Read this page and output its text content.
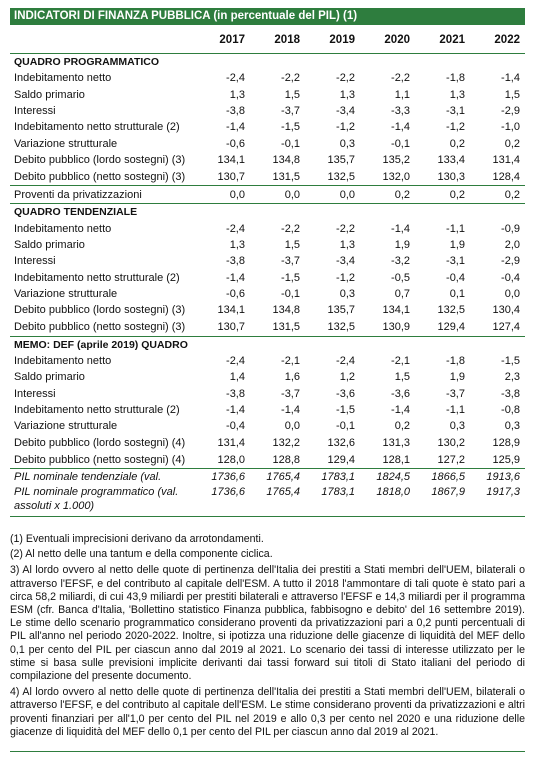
INDICATORI DI FINANZA PUBBLICA (in percentuale del PIL) (1)
	2017	2018	2019	2020	2021	2022
QUADRO PROGRAMMATICO						
Indebitamento netto	-2,4	-2,2	-2,2	-2,2	-1,8	-1,4
Saldo primario	1,3	1,5	1,3	1,1	1,3	1,5
Interessi	-3,8	-3,7	-3,4	-3,3	-3,1	-2,9
Indebitamento netto strutturale (2)	-1,4	-1,5	-1,2	-1,4	-1,2	-1,0
Variazione strutturale	-0,6	-0,1	0,3	-0,1	0,2	0,2
Debito pubblico (lordo sostegni) (3)	134,1	134,8	135,7	135,2	133,4	131,4
Debito pubblico (netto sostegni) (3)	130,7	131,5	132,5	132,0	130,3	128,4
Proventi da privatizzazioni	0,0	0,0	0,0	0,2	0,2	0,2
QUADRO TENDENZIALE						
Indebitamento netto	-2,4	-2,2	-2,2	-1,4	-1,1	-0,9
Saldo primario	1,3	1,5	1,3	1,9	1,9	2,0
Interessi	-3,8	-3,7	-3,4	-3,2	-3,1	-2,9
Indebitamento netto strutturale (2)	-1,4	-1,5	-1,2	-0,5	-0,4	-0,4
Variazione strutturale	-0,6	-0,1	0,3	0,7	0,1	0,0
Debito pubblico (lordo sostegni) (3)	134,1	134,8	135,7	134,1	132,5	130,4
Debito pubblico (netto sostegni) (3)	130,7	131,5	132,5	130,9	129,4	127,4
MEMO: DEF (aprile 2019) QUADRO						
Indebitamento netto	-2,4	-2,1	-2,4	-2,1	-1,8	-1,5
Saldo primario	1,4	1,6	1,2	1,5	1,9	2,3
Interessi	-3,8	-3,7	-3,6	-3,6	-3,7	-3,8
Indebitamento netto strutturale (2)	-1,4	-1,4	-1,5	-1,4	-1,1	-0,8
Variazione strutturale	-0,4	0,0	-0,1	0,2	0,3	0,3
Debito pubblico (lordo sostegni) (4)	131,4	132,2	132,6	131,3	130,2	128,9
Debito pubblico (netto sostegni) (4)	128,0	128,8	129,4	128,1	127,2	125,9
PIL nominale tendenziale (val.	1736,6	1765,4	1783,1	1824,5	1866,5	1913,6
PIL nominale programmatico (val. assoluti x 1.000)	1736,6	1765,4	1783,1	1818,0	1867,9	1917,3

(1) Eventuali imprecisioni derivano da arrotondamenti.

(2) Al netto delle una tantum e della componente ciclica.

3) Al lordo ovvero al netto delle quote di pertinenza dell'Italia dei prestiti a Stati membri dell'UEM, bilaterali o attraverso l'EFSF, e del contributo al capitale dell'ESM. A tutto il 2018 l'ammontare di tali quote è stato pari a circa 58,2 miliardi, di cui 43,9 miliardi per prestiti bilaterali e attraverso l'EFSF e 14,3 miliardi per il programma ESM (cfr. Banca d'Italia, 'Bollettino statistico Finanza pubblica, fabbisogno e debito' del 16 settembre 2019). Le stime dello scenario programmatico considerano proventi da privatizzazioni pari a 0,2 punti percentuali di PIL all'anno nel periodo 2020-2022. Inoltre, si ipotizza una riduzione delle giacenze di liquidità del MEF dello 0,1 per cento del PIL per ciascun anno dal 2019 al 2021. Lo scenario dei tassi di interesse utilizzato per le stime si basa sulle previsioni implicite derivanti dai tassi forward sui titoli di Stato italiani del periodo di compilazione del presente documento.

4) Al lordo ovvero al netto delle quote di pertinenza dell'Italia dei prestiti a Stati membri dell'UEM, bilaterali o attraverso l'EFSF, e del contributo al capitale dell'ESM. Le stime considerano proventi da privatizzazioni e altri proventi finanziari per all'1,0 per cento del PIL nel 2019 e allo 0,3 per cento nel 2020 e una riduzione delle giacenze di liquidità del MEF dello 0,1 per cento del PIL per ciascun anno dal 2019 al 2021.
